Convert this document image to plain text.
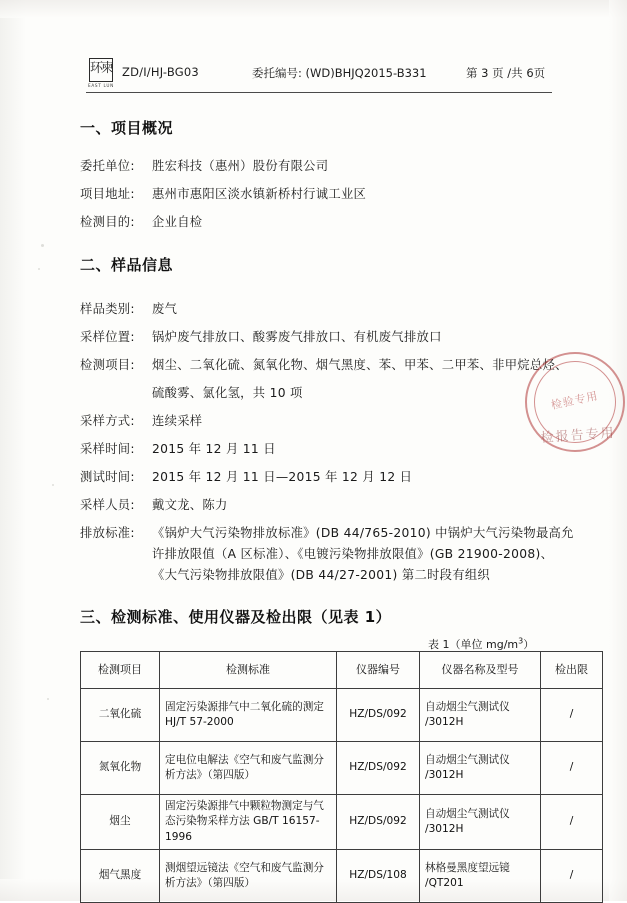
环柬
EAST LUN
ZD/I/HJ-BG03	委托编号: (WD)BHJQ2015-B331	第 3 页 /共 6页
一、项目概况
委托单位: 胜宏科技（惠州）股份有限公司
项目地址: 惠州市惠阳区淡水镇新桥村行诚工业区
检测目的: 企业自检
二、样品信息
样品类别: 废气
采样位置: 锅炉废气排放口、酸雾废气排放口、有机废气排放口
检测项目: 烟尘、二氧化硫、氮氧化物、烟气黑度、苯、甲苯、二甲苯、非甲烷总烃、
硫酸雾、氯化氢，共 10 项
采样方式: 连续采样
采样时间: 2015 年 12 月 11 日
测试时间: 2015 年 12 月 11 日—2015 年 12 月 12 日
采样人员: 戴文龙、陈力
排放标准: 《锅炉大气污染物排放标准》(DB 44/765-2010) 中锅炉大气污染物最高允
许排放限值（A 区标准）、《电镀污染物排放限值》(GB 21900-2008)、
《大气污染物排放限值》(DB 44/27-2001) 第二时段有组织
三、检测标准、使用仪器及检出限（见表 1）
表 1（单位 $mg/m^3$）
检测项目	检测标准	仪器编号	仪器名称及型号	检出限
二氧化硫	固定污染源排气中二氧化硫的测定 HJ/T 57-2000	HZ/DS/092	自动烟尘气测试仪 /3012H	/
氮氧化物	定电位电解法《空气和废气监测分析方法》（第四版）	HZ/DS/092	自动烟尘气测试仪 /3012H	/
烟尘	固定污染源排气中颗粒物测定与气态污染物采样方法 GB/T 16157-1996	HZ/DS/092	自动烟尘气测试仪 /3012H	/
烟气黑度	测烟望远镜法《空气和废气监测分析方法》（第四版）	HZ/DS/108	林格曼黑度望远镜 /QT201	/
检验专用
检报告专用
